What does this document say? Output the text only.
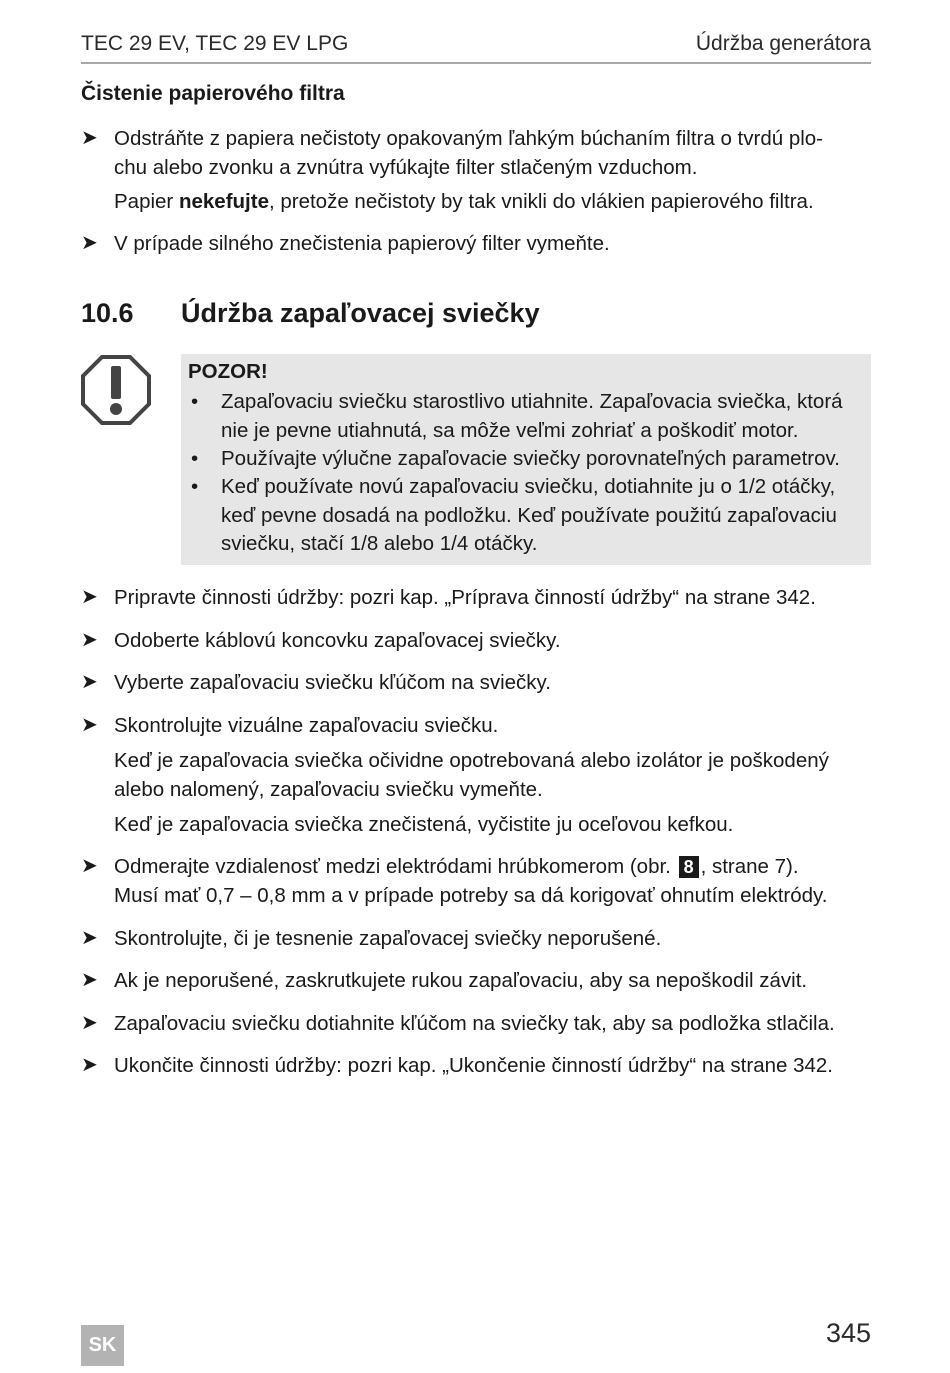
TEC 29 EV, TEC 29 EV LPG	Údržba generátora
Čistenie papierového filtra
➤ Odstráňte z papiera nečistoty opakovaným ľahkým búchaním filtra o tvrdú plo-
chu alebo zvonku a zvnútra vyfúkajte filter stlačeným vzduchom.
Papier nekefujte, pretože nečistoty by tak vnikli do vlákien papierového filtra.
➤ V prípade silného znečistenia papierový filter vymeňte.
10.6 Údržba zapaľovacej sviečky
POZOR!
• Zapaľovaciu sviečku starostlivo utiahnite. Zapaľovacia sviečka, ktorá
nie je pevne utiahnutá, sa môže veľmi zohriať a poškodiť motor.
• Používajte výlučne zapaľovacie sviečky porovnateľných parametrov.
• Keď používate novú zapaľovaciu sviečku, dotiahnite ju o 1/2 otáčky,
keď pevne dosadá na podložku. Keď používate použitú zapaľovaciu
sviečku, stačí 1/8 alebo 1/4 otáčky.
➤ Pripravte činnosti údržby: pozri kap. „Príprava činností údržby“ na strane 342.
➤ Odoberte káblovú koncovku zapaľovacej sviečky.
➤ Vyberte zapaľovaciu sviečku kľúčom na sviečky.
➤ Skontrolujte vizuálne zapaľovaciu sviečku.
Keď je zapaľovacia sviečka očividne opotrebovaná alebo izolátor je poškodený
alebo nalomený, zapaľovaciu sviečku vymeňte.
Keď je zapaľovacia sviečka znečistená, vyčistite ju oceľovou kefkou.
➤ Odmerajte vzdialenosť medzi elektródami hrúbkomerom (obr. 8 , strane 7).
Musí mať 0,7 – 0,8 mm a v prípade potreby sa dá korigovať ohnutím elektródy.
➤ Skontrolujte, či je tesnenie zapaľovacej sviečky neporušené.
➤ Ak je neporušené, zaskrutkujete rukou zapaľovaciu, aby sa nepoškodil závit.
➤ Zapaľovaciu sviečku dotiahnite kľúčom na sviečky tak, aby sa podložka stlačila.
➤ Ukončite činnosti údržby: pozri kap. „Ukončenie činností údržby“ na strane 342.
SK	345
